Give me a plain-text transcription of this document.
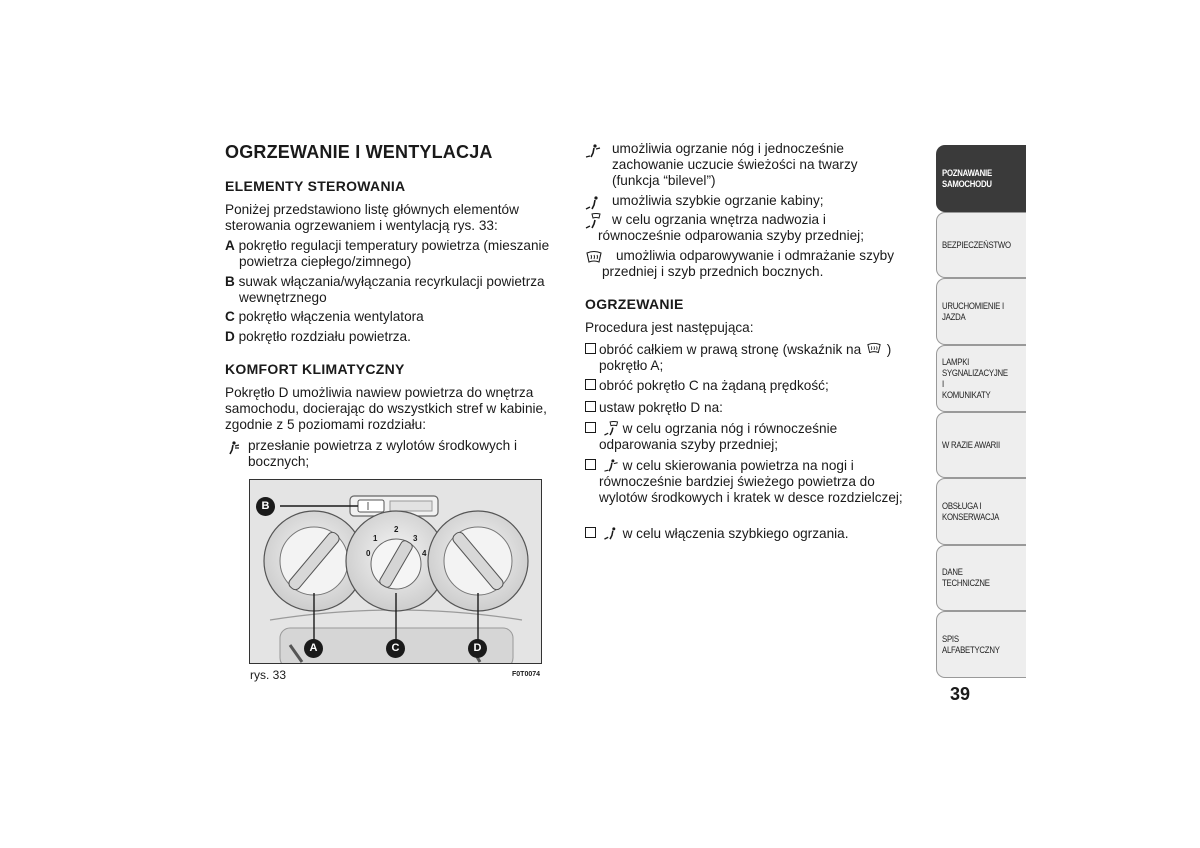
OGRZEWANIE I WENTYLACJA
ELEMENTY STEROWANIA
Poniżej przedstawiono listę głównych elementów sterowania ogrzewaniem i wentylacją rys. 33:
A pokrętło regulacji temperatury powietrza (mieszanie powietrza ciepłego/zimnego)
B suwak włączania/wyłączania recyrkulacji powietrza wewnętrznego
C pokrętło włączenia wentylatora
D pokrętło rozdziału powietrza.
KOMFORT KLIMATYCZNY
Pokrętło D umożliwia nawiew powietrza do wnętrza samochodu, docierając do wszystkich stref w kabinie, zgodnie z 5 poziomami rozdziału:
przesłanie powietrza z wylotów środkowych i bocznych;
0
1
2
3
4
B
A	C	D
rys. 33	F0T0074
umożliwia ogrzanie nóg i jednocześnie zachowanie uczucie świeżości na twarzy (funkcja “bilevel”)
umożliwia szybkie ogrzanie kabiny;
w celu ogrzania wnętrza nadwozia i równocześnie odparowania szyby przedniej;
umożliwia odparowywanie i odmrażanie szyby przedniej i szyb przednich bocznych.
OGRZEWANIE
Procedura jest następująca:
obróć całkiem w prawą stronę (wskaźnik na ) pokrętło A;
obróć pokrętło C na żądaną prędkość;
ustaw pokrętło D na:
w celu ogrzania nóg i równocześnie odparowania szyby przedniej;
w celu skierowania powietrza na nogi i równocześnie bardziej świeżego powietrza do wylotów środkowych i kratek w desce rozdzielczej;
w celu włączenia szybkiego ogrzania.
POZNAWANIE
SAMOCHODU
BEZPIECZEŃSTWO
URUCHOMIENIE I
JAZDA
LAMPKI
SYGNALIZACYJNE I
KOMUNIKATY
W RAZIE AWARII
OBSŁUGA I
KONSERWACJA
DANE TECHNICZNE
SPIS ALFABETYCZNY
39
